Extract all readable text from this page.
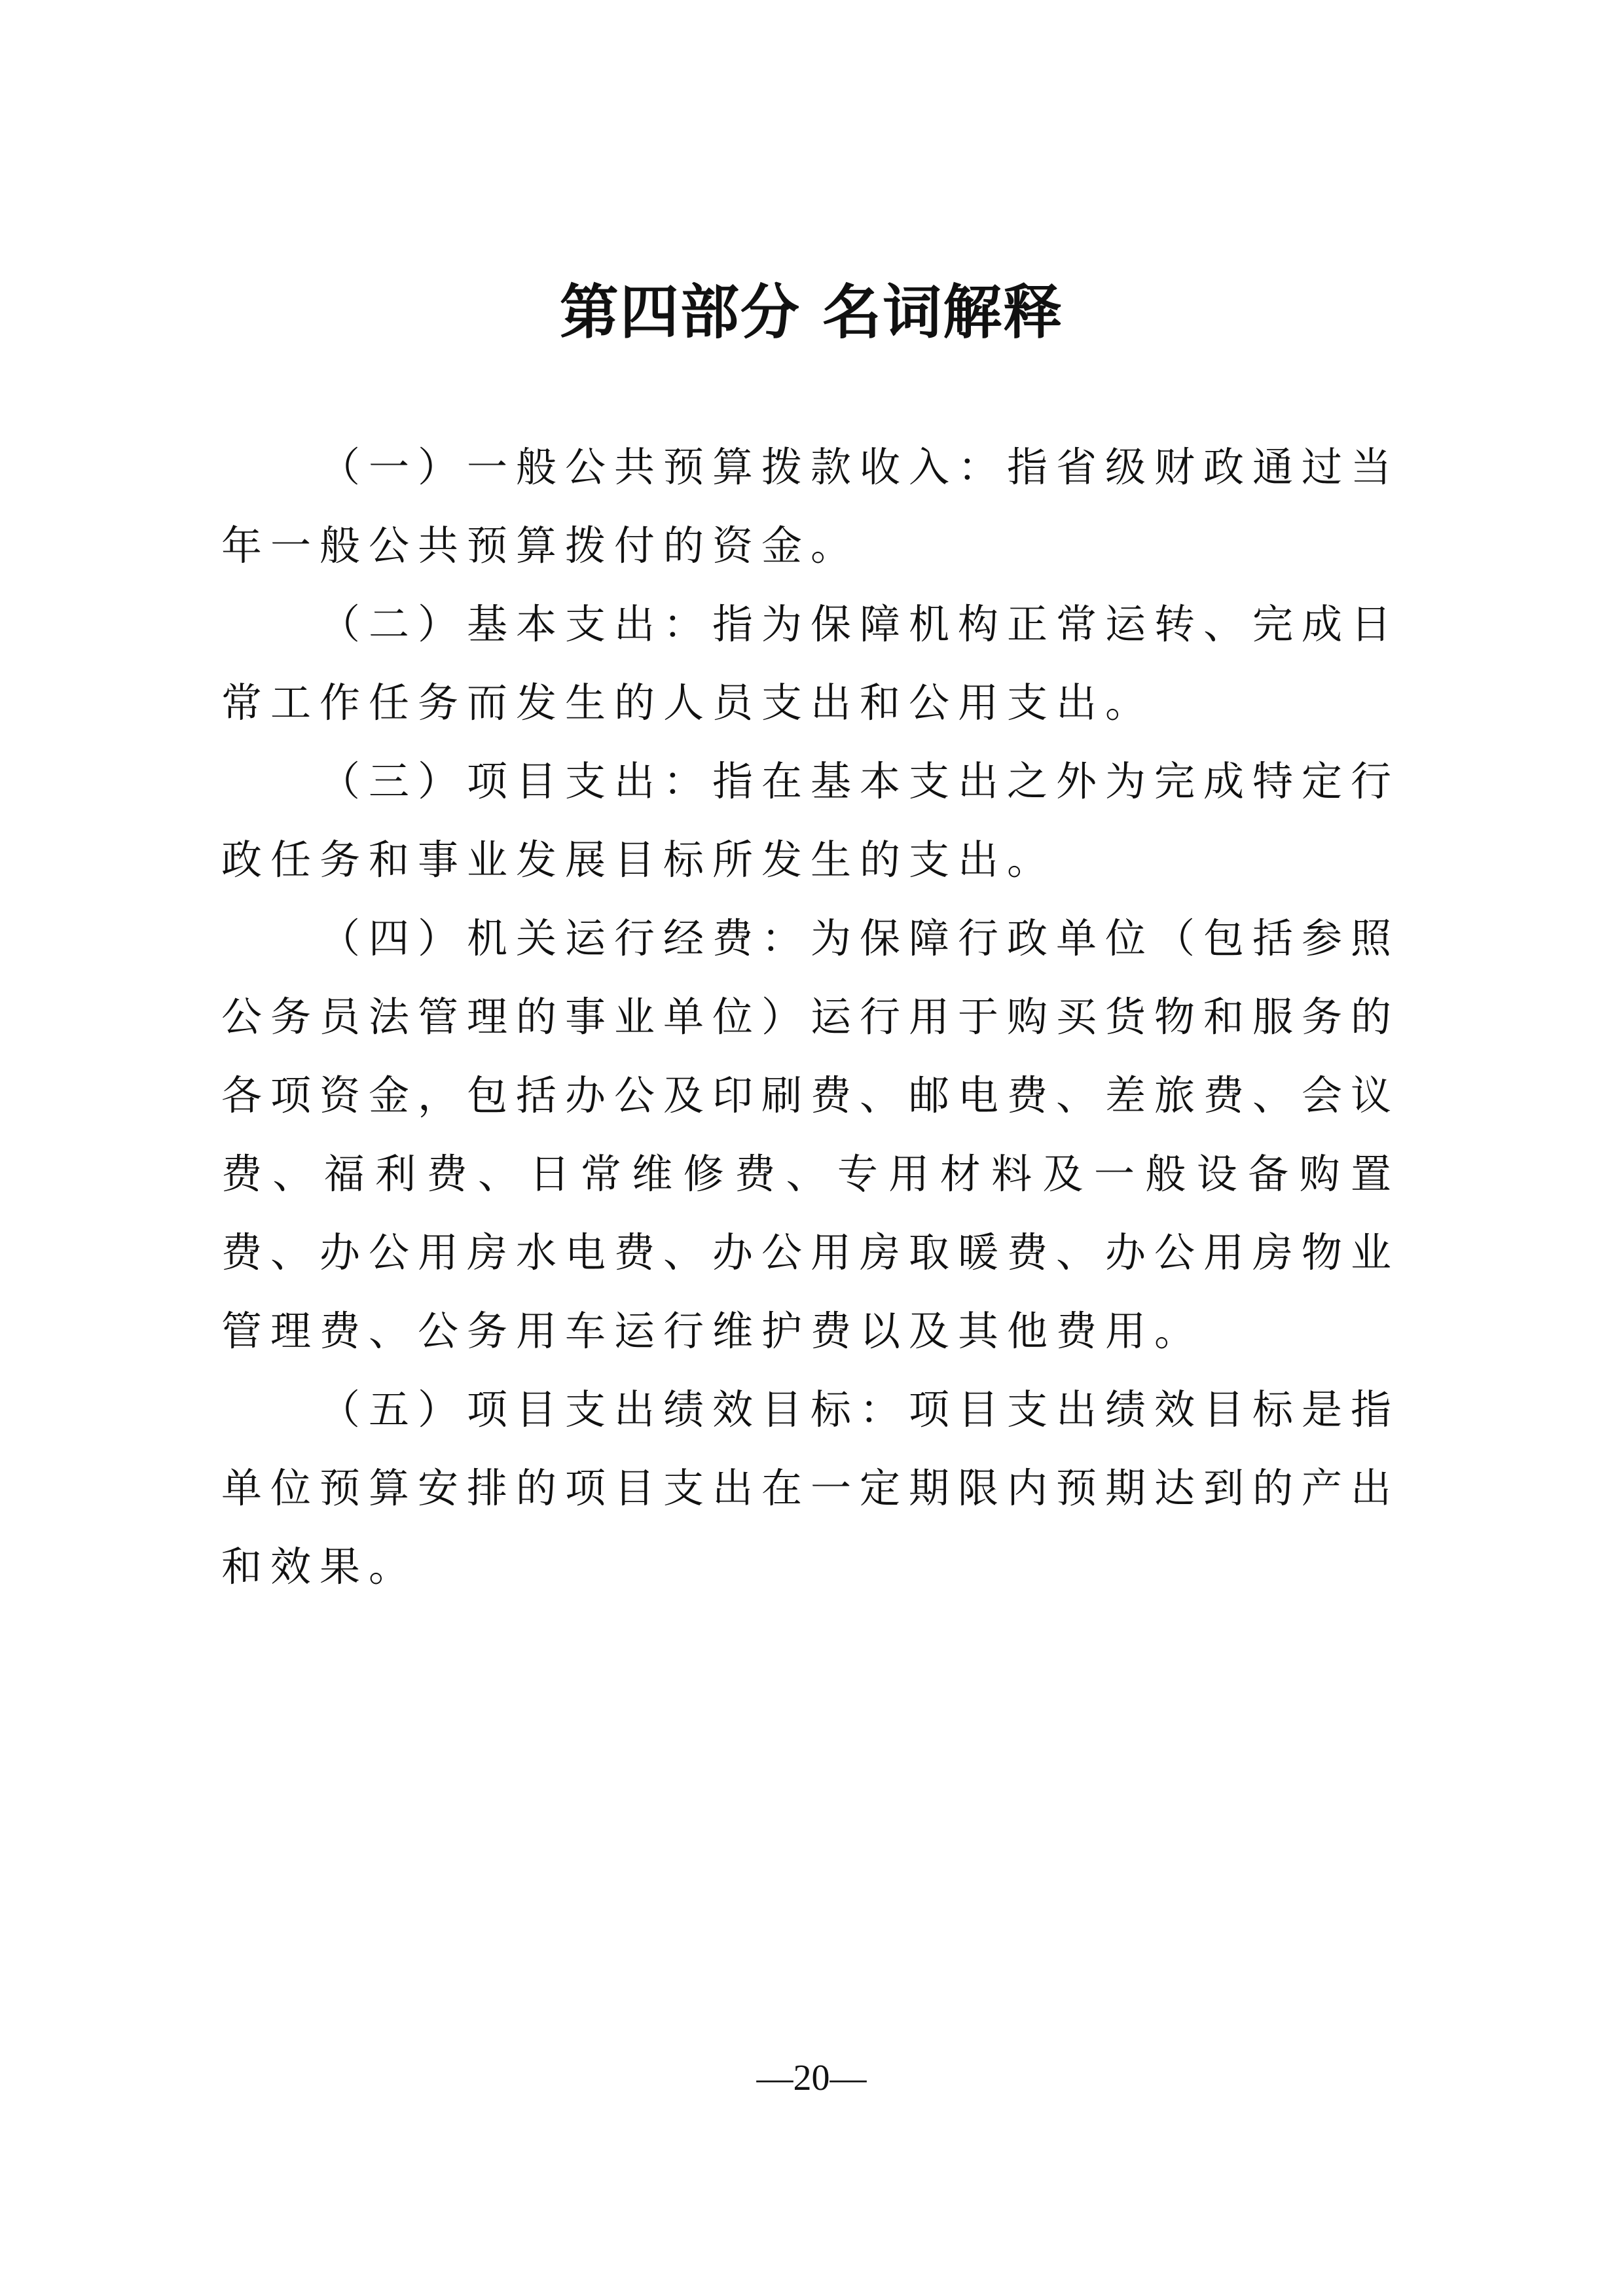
第四部分 名词解释

（一）一般公共预算拨款收入：指省级财政通过当年一般公共预算拨付的资金。

（二）基本支出：指为保障机构正常运转、完成日常工作任务而发生的人员支出和公用支出。

（三）项目支出：指在基本支出之外为完成特定行政任务和事业发展目标所发生的支出。

（四）机关运行经费：为保障行政单位（包括参照公务员法管理的事业单位）运行用于购买货物和服务的各项资金，包括办公及印刷费、邮电费、差旅费、会议费、福利费、日常维修费、专用材料及一般设备购置费、办公用房水电费、办公用房取暖费、办公用房物业管理费、公务用车运行维护费以及其他费用。

（五）项目支出绩效目标：项目支出绩效目标是指单位预算安排的项目支出在一定期限内预期达到的产出和效果。

—20—
